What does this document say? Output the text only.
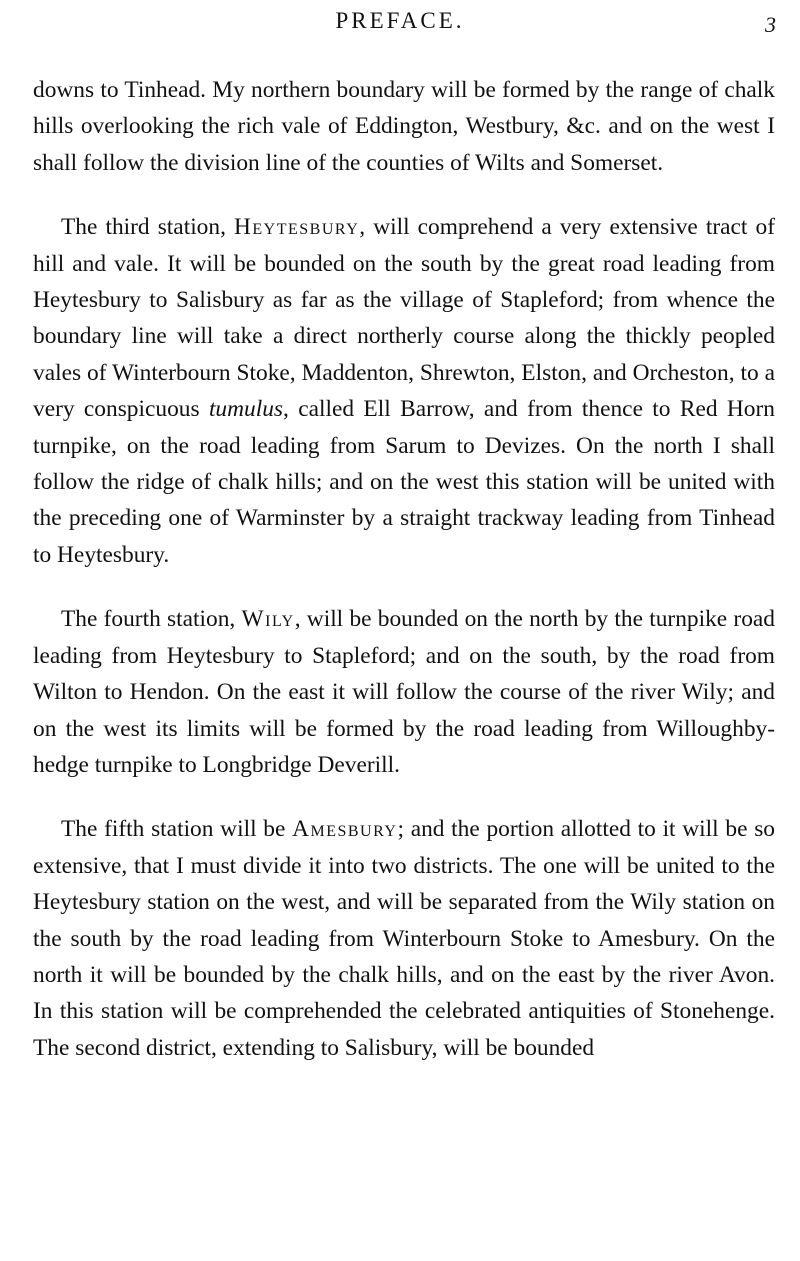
PREFACE.	3

downs to Tinhead. My northern boundary will be formed by the range of chalk hills overlooking the rich vale of Eddington, Westbury, &c. and on the west I shall follow the division line of the counties of Wilts and Somerset.

The third station, Heytesbury, will comprehend a very extensive tract of hill and vale. It will be bounded on the south by the great road leading from Heytesbury to Salisbury as far as the village of Stapleford; from whence the boundary line will take a direct northerly course along the thickly peopled vales of Winterbourn Stoke, Maddenton, Shrewton, Elston, and Orcheston, to a very conspicuous tumulus, called Ell Barrow, and from thence to Red Horn turnpike, on the road leading from Sarum to Devizes. On the north I shall follow the ridge of chalk hills; and on the west this station will be united with the preceding one of Warminster by a straight trackway leading from Tinhead to Heytesbury.

The fourth station, Wily, will be bounded on the north by the turnpike road leading from Heytesbury to Stapleford; and on the south, by the road from Wilton to Hendon. On the east it will follow the course of the river Wily; and on the west its limits will be formed by the road leading from Willoughby-hedge turnpike to Longbridge Deverill.

The fifth station will be Amesbury; and the portion allotted to it will be so extensive, that I must divide it into two districts. The one will be united to the Heytesbury station on the west, and will be separated from the Wily station on the south by the road leading from Winterbourn Stoke to Amesbury. On the north it will be bounded by the chalk hills, and on the east by the river Avon. In this station will be comprehended the celebrated antiquities of Stonehenge. The second district, extending to Salisbury, will be bounded
